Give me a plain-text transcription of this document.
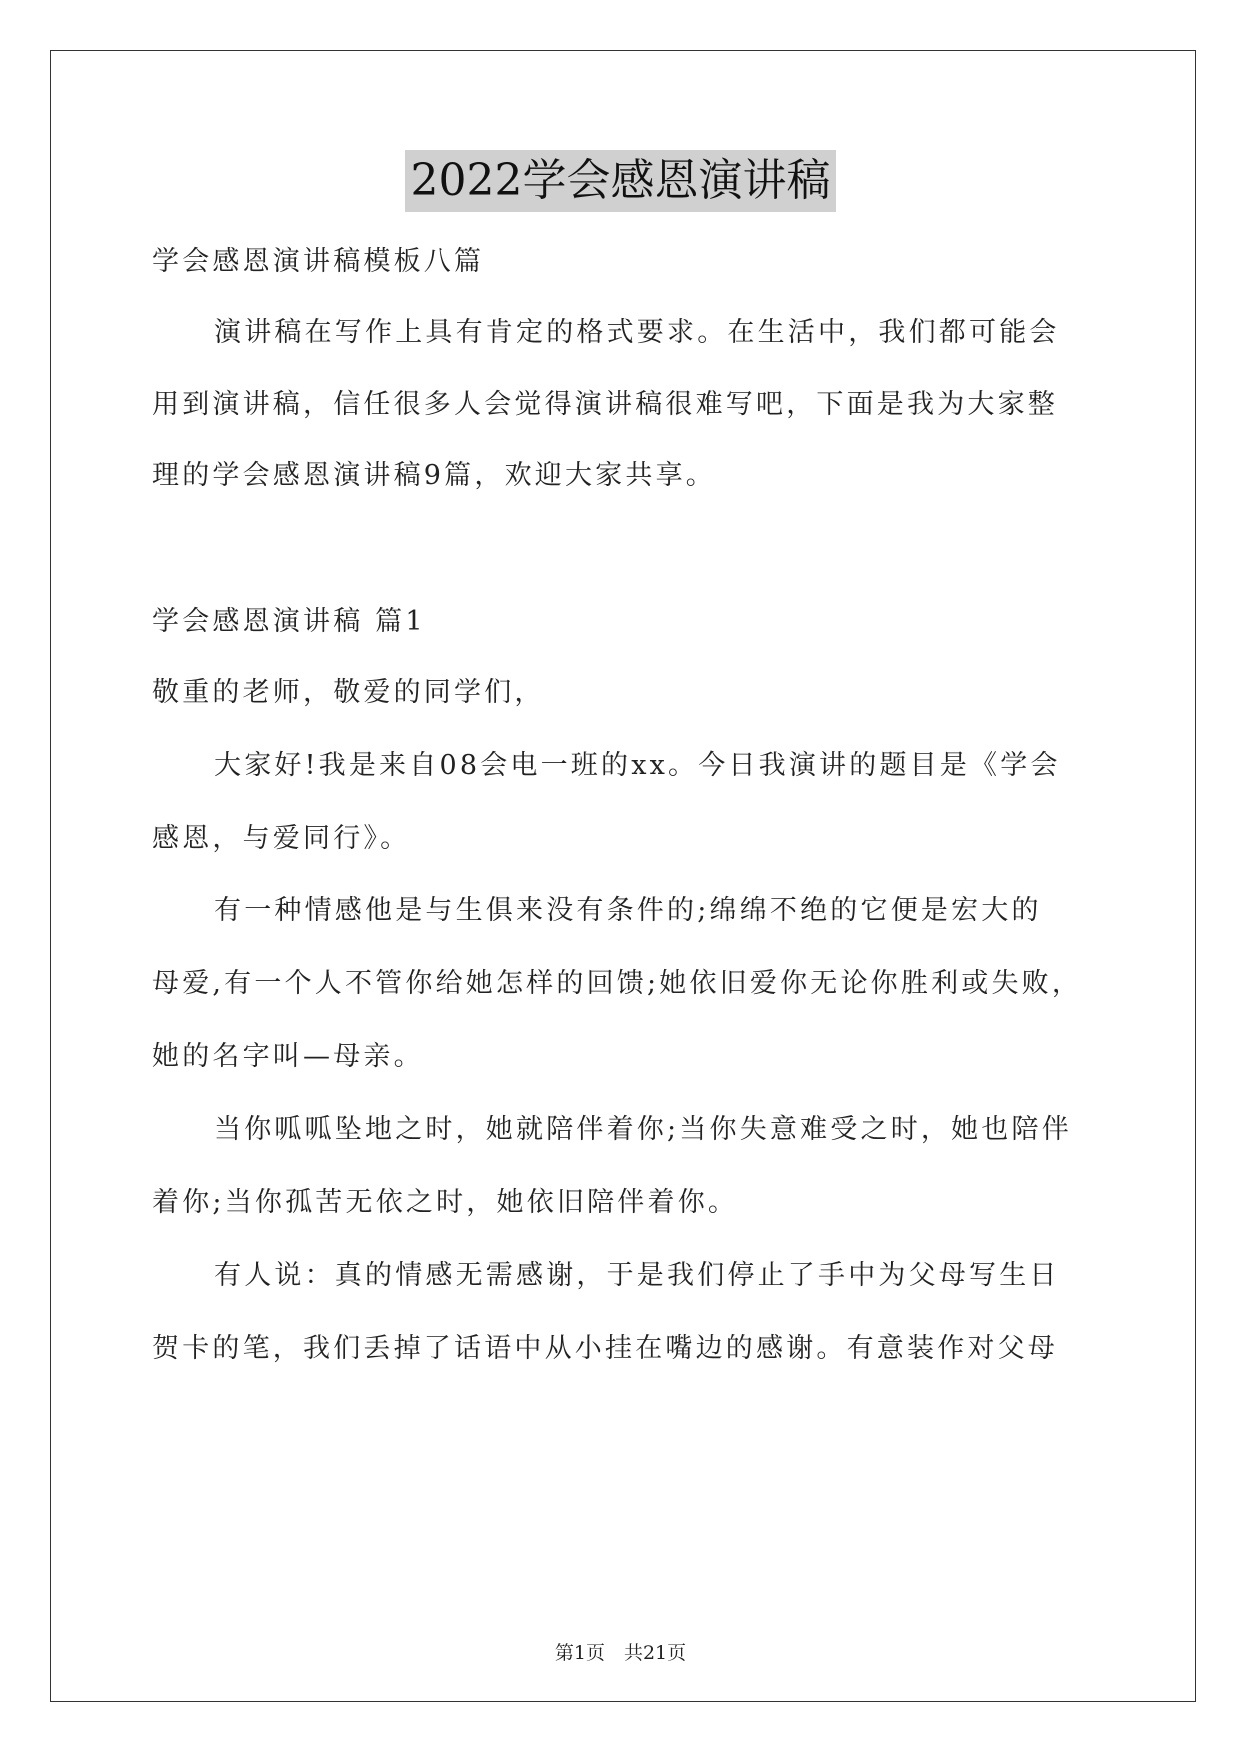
2022学会感恩演讲稿
学会感恩演讲稿模板八篇
演讲稿在写作上具有肯定的格式要求。在生活中，我们都可能会
用到演讲稿，信任很多人会觉得演讲稿很难写吧，下面是我为大家整
理的学会感恩演讲稿9篇，欢迎大家共享。
学会感恩演讲稿 篇1
敬重的老师，敬爱的同学们，
大家好!我是来自08会电一班的xx。今日我演讲的题目是《学会
感恩，与爱同行》。
有一种情感他是与生俱来没有条件的;绵绵不绝的它便是宏大的
母爱,有一个人不管你给她怎样的回馈;她依旧爱你无论你胜利或失败，
她的名字叫—母亲。
当你呱呱坠地之时，她就陪伴着你;当你失意难受之时，她也陪伴
着你;当你孤苦无依之时，她依旧陪伴着你。
有人说：真的情感无需感谢，于是我们停止了手中为父母写生日
贺卡的笔，我们丢掉了话语中从小挂在嘴边的感谢。有意装作对父母
第1页　共21页
